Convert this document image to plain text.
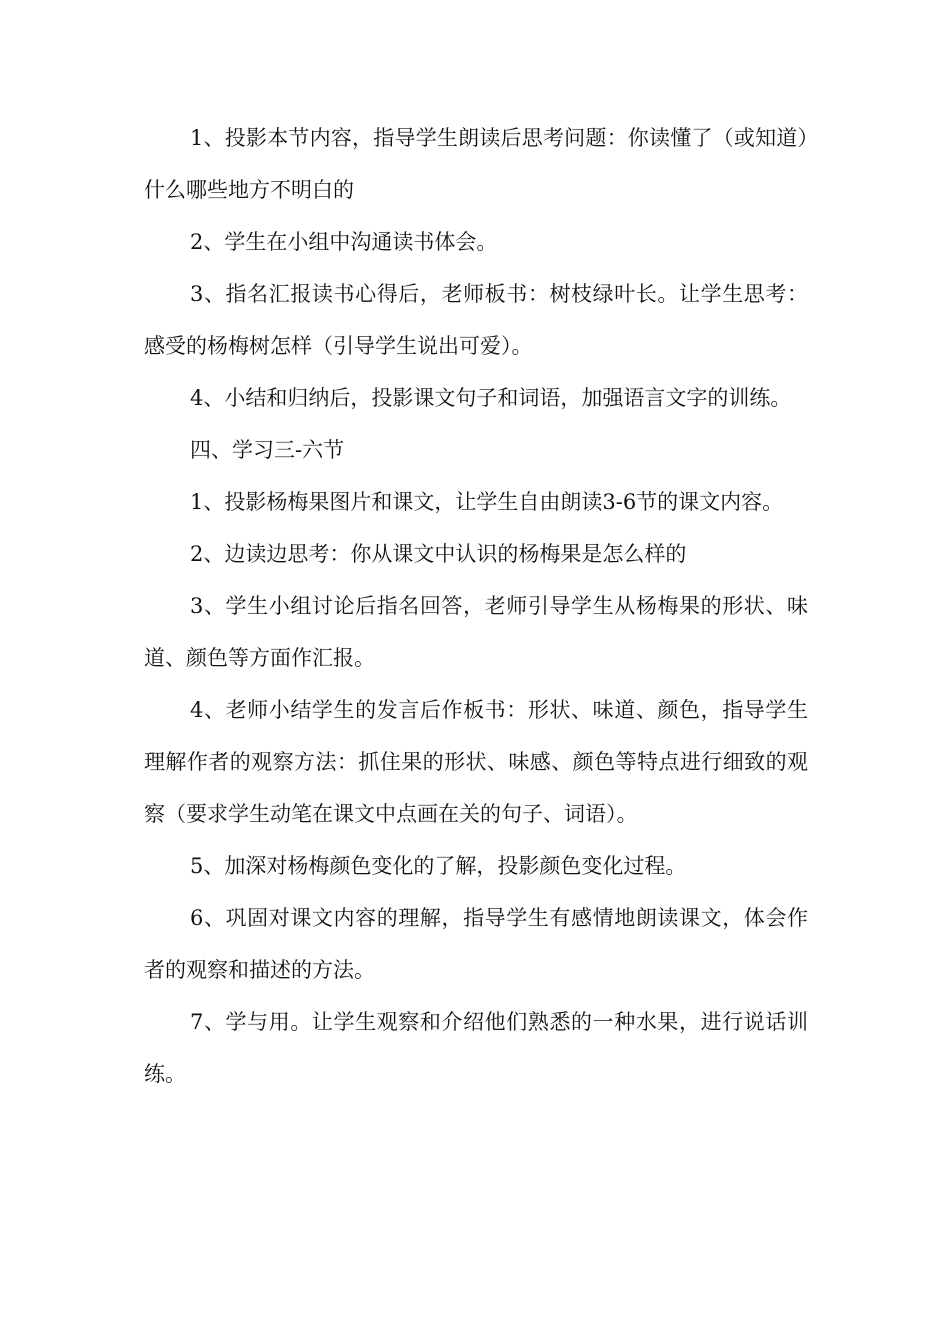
1、投影本节内容，指导学生朗读后思考问题：你读懂了（或知道）什么哪些地方不明白的

2、学生在小组中沟通读书体会。

3、指名汇报读书心得后，老师板书：树枝绿叶长。让学生思考：感受的杨梅树怎样（引导学生说出可爱）。

4、小结和归纳后，投影课文句子和词语，加强语言文字的训练。

四、学习三-六节

1、投影杨梅果图片和课文，让学生自由朗读3-6节的课文内容。

2、边读边思考：你从课文中认识的杨梅果是怎么样的

3、学生小组讨论后指名回答，老师引导学生从杨梅果的形状、味道、颜色等方面作汇报。

4、老师小结学生的发言后作板书：形状、味道、颜色，指导学生理解作者的观察方法：抓住果的形状、味感、颜色等特点进行细致的观察（要求学生动笔在课文中点画在关的句子、词语）。

5、加深对杨梅颜色变化的了解，投影颜色变化过程。

6、巩固对课文内容的理解，指导学生有感情地朗读课文，体会作者的观察和描述的方法。

7、学与用。让学生观察和介绍他们熟悉的一种水果，进行说话训练。
